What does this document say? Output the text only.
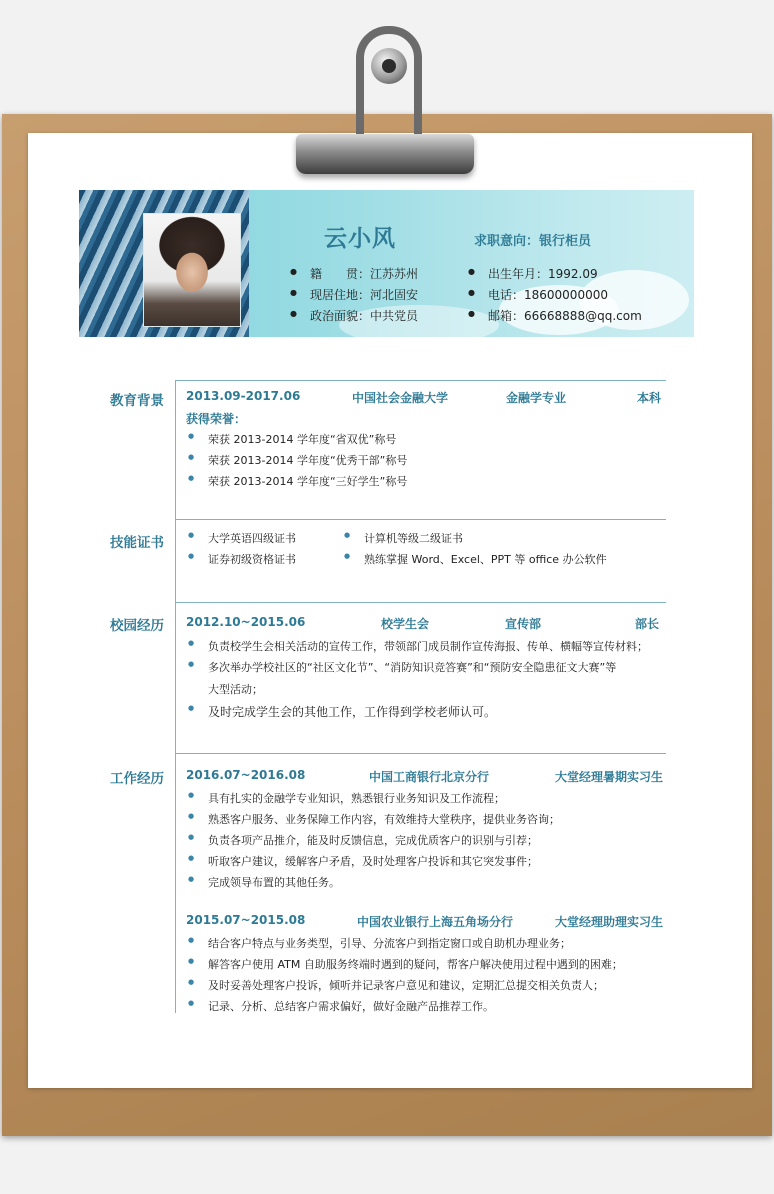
云小风	求职意向：银行柜员
● 籍　　贯：江苏苏州
● 现居住地：河北固安
● 政治面貌：中共党员
● 出生年月：1992.09
● 电话：18600000000
● 邮箱：66668888@qq.com
教育背景 2013.09-2017.06	中国社会金融大学	金融学专业	本科
获得荣誉：
● 荣获 2013-2014 学年度“省双优”称号
● 荣获 2013-2014 学年度“优秀干部”称号
● 荣获 2013-2014 学年度“三好学生”称号
技能证书
●	大学英语四级证书
● 证券初级资格证书
● 计算机等级二级证书
● 熟练掌握 Word、Excel、PPT 等 office 办公软件
校园经历 2012.10~2015.06	校学生会	宣传部	部长
● 负责校学生会相关活动的宣传工作，带领部门成员制作宣传海报、传单、横幅等宣传材料；
● 多次举办学校社区的“社区文化节”、“消防知识竞答赛”和“预防安全隐患征文大赛”等
大型活动；
● 及时完成学生会的其他工作，工作得到学校老师认可。
工作经历 2016.07~2016.08	中国工商银行北京分行	大堂经理暑期实习生
● 具有扎实的金融学专业知识，熟悉银行业务知识及工作流程；
● 熟悉客户服务、业务保障工作内容，有效维持大堂秩序，提供业务咨询；
● 负责各项产品推介，能及时反馈信息，完成优质客户的识别与引荐；
● 听取客户建议，缓解客户矛盾，及时处理客户投诉和其它突发事件；
● 完成领导布置的其他任务。
2015.07~2015.08	中国农业银行上海五角场分行	大堂经理助理实习生
● 结合客户特点与业务类型，引导、分流客户到指定窗口或自助机办理业务；
● 解答客户使用 ATM 自助服务终端时遇到的疑问，帮客户解决使用过程中遇到的困难；
● 及时妥善处理客户投诉，倾听并记录客户意见和建议，定期汇总提交相关负责人；
● 记录、分析、总结客户需求偏好，做好金融产品推荐工作。
